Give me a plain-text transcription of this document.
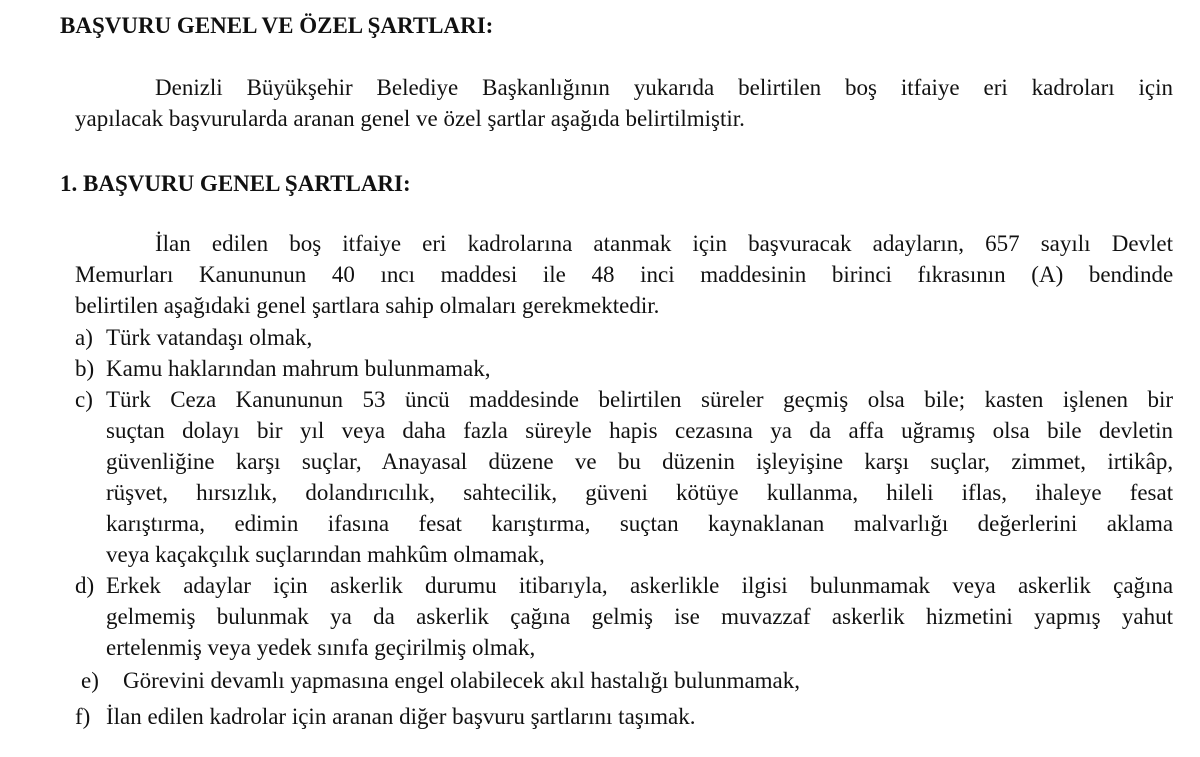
BAŞVURU GENEL VE ÖZEL ŞARTLARI:

Denizli Büyükşehir Belediye Başkanlığının yukarıda belirtilen boş itfaiye eri kadroları için
yapılacak başvurularda aranan genel ve özel şartlar aşağıda belirtilmiştir.

1. BAŞVURU GENEL ŞARTLARI:

İlan edilen boş itfaiye eri kadrolarına atanmak için başvuracak adayların, 657 sayılı Devlet
Memurları Kanununun 40 ıncı maddesi ile 48 inci maddesinin birinci fıkrasının (A) bendinde
belirtilen aşağıdaki genel şartlara sahip olmaları gerekmektedir.

a) Türk vatandaşı olmak,
b) Kamu haklarından mahrum bulunmamak,
c) Türk Ceza Kanununun 53 üncü maddesinde belirtilen süreler geçmiş olsa bile; kasten işlenen bir
suçtan dolayı bir yıl veya daha fazla süreyle hapis cezasına ya da affa uğramış olsa bile devletin
güvenliğine karşı suçlar, Anayasal düzene ve bu düzenin işleyişine karşı suçlar, zimmet, irtikâp,
rüşvet, hırsızlık, dolandırıcılık, sahtecilik, güveni kötüye kullanma, hileli iflas, ihaleye fesat
karıştırma, edimin ifasına fesat karıştırma, suçtan kaynaklanan malvarlığı değerlerini aklama
veya kaçakçılık suçlarından mahkûm olmamak,
d) Erkek adaylar için askerlik durumu itibarıyla, askerlikle ilgisi bulunmamak veya askerlik çağına
gelmemiş bulunmak ya da askerlik çağına gelmiş ise muvazzaf askerlik hizmetini yapmış yahut
ertelenmiş veya yedek sınıfa geçirilmiş olmak,
e) Görevini devamlı yapmasına engel olabilecek akıl hastalığı bulunmamak,
f) İlan edilen kadrolar için aranan diğer başvuru şartlarını taşımak.
